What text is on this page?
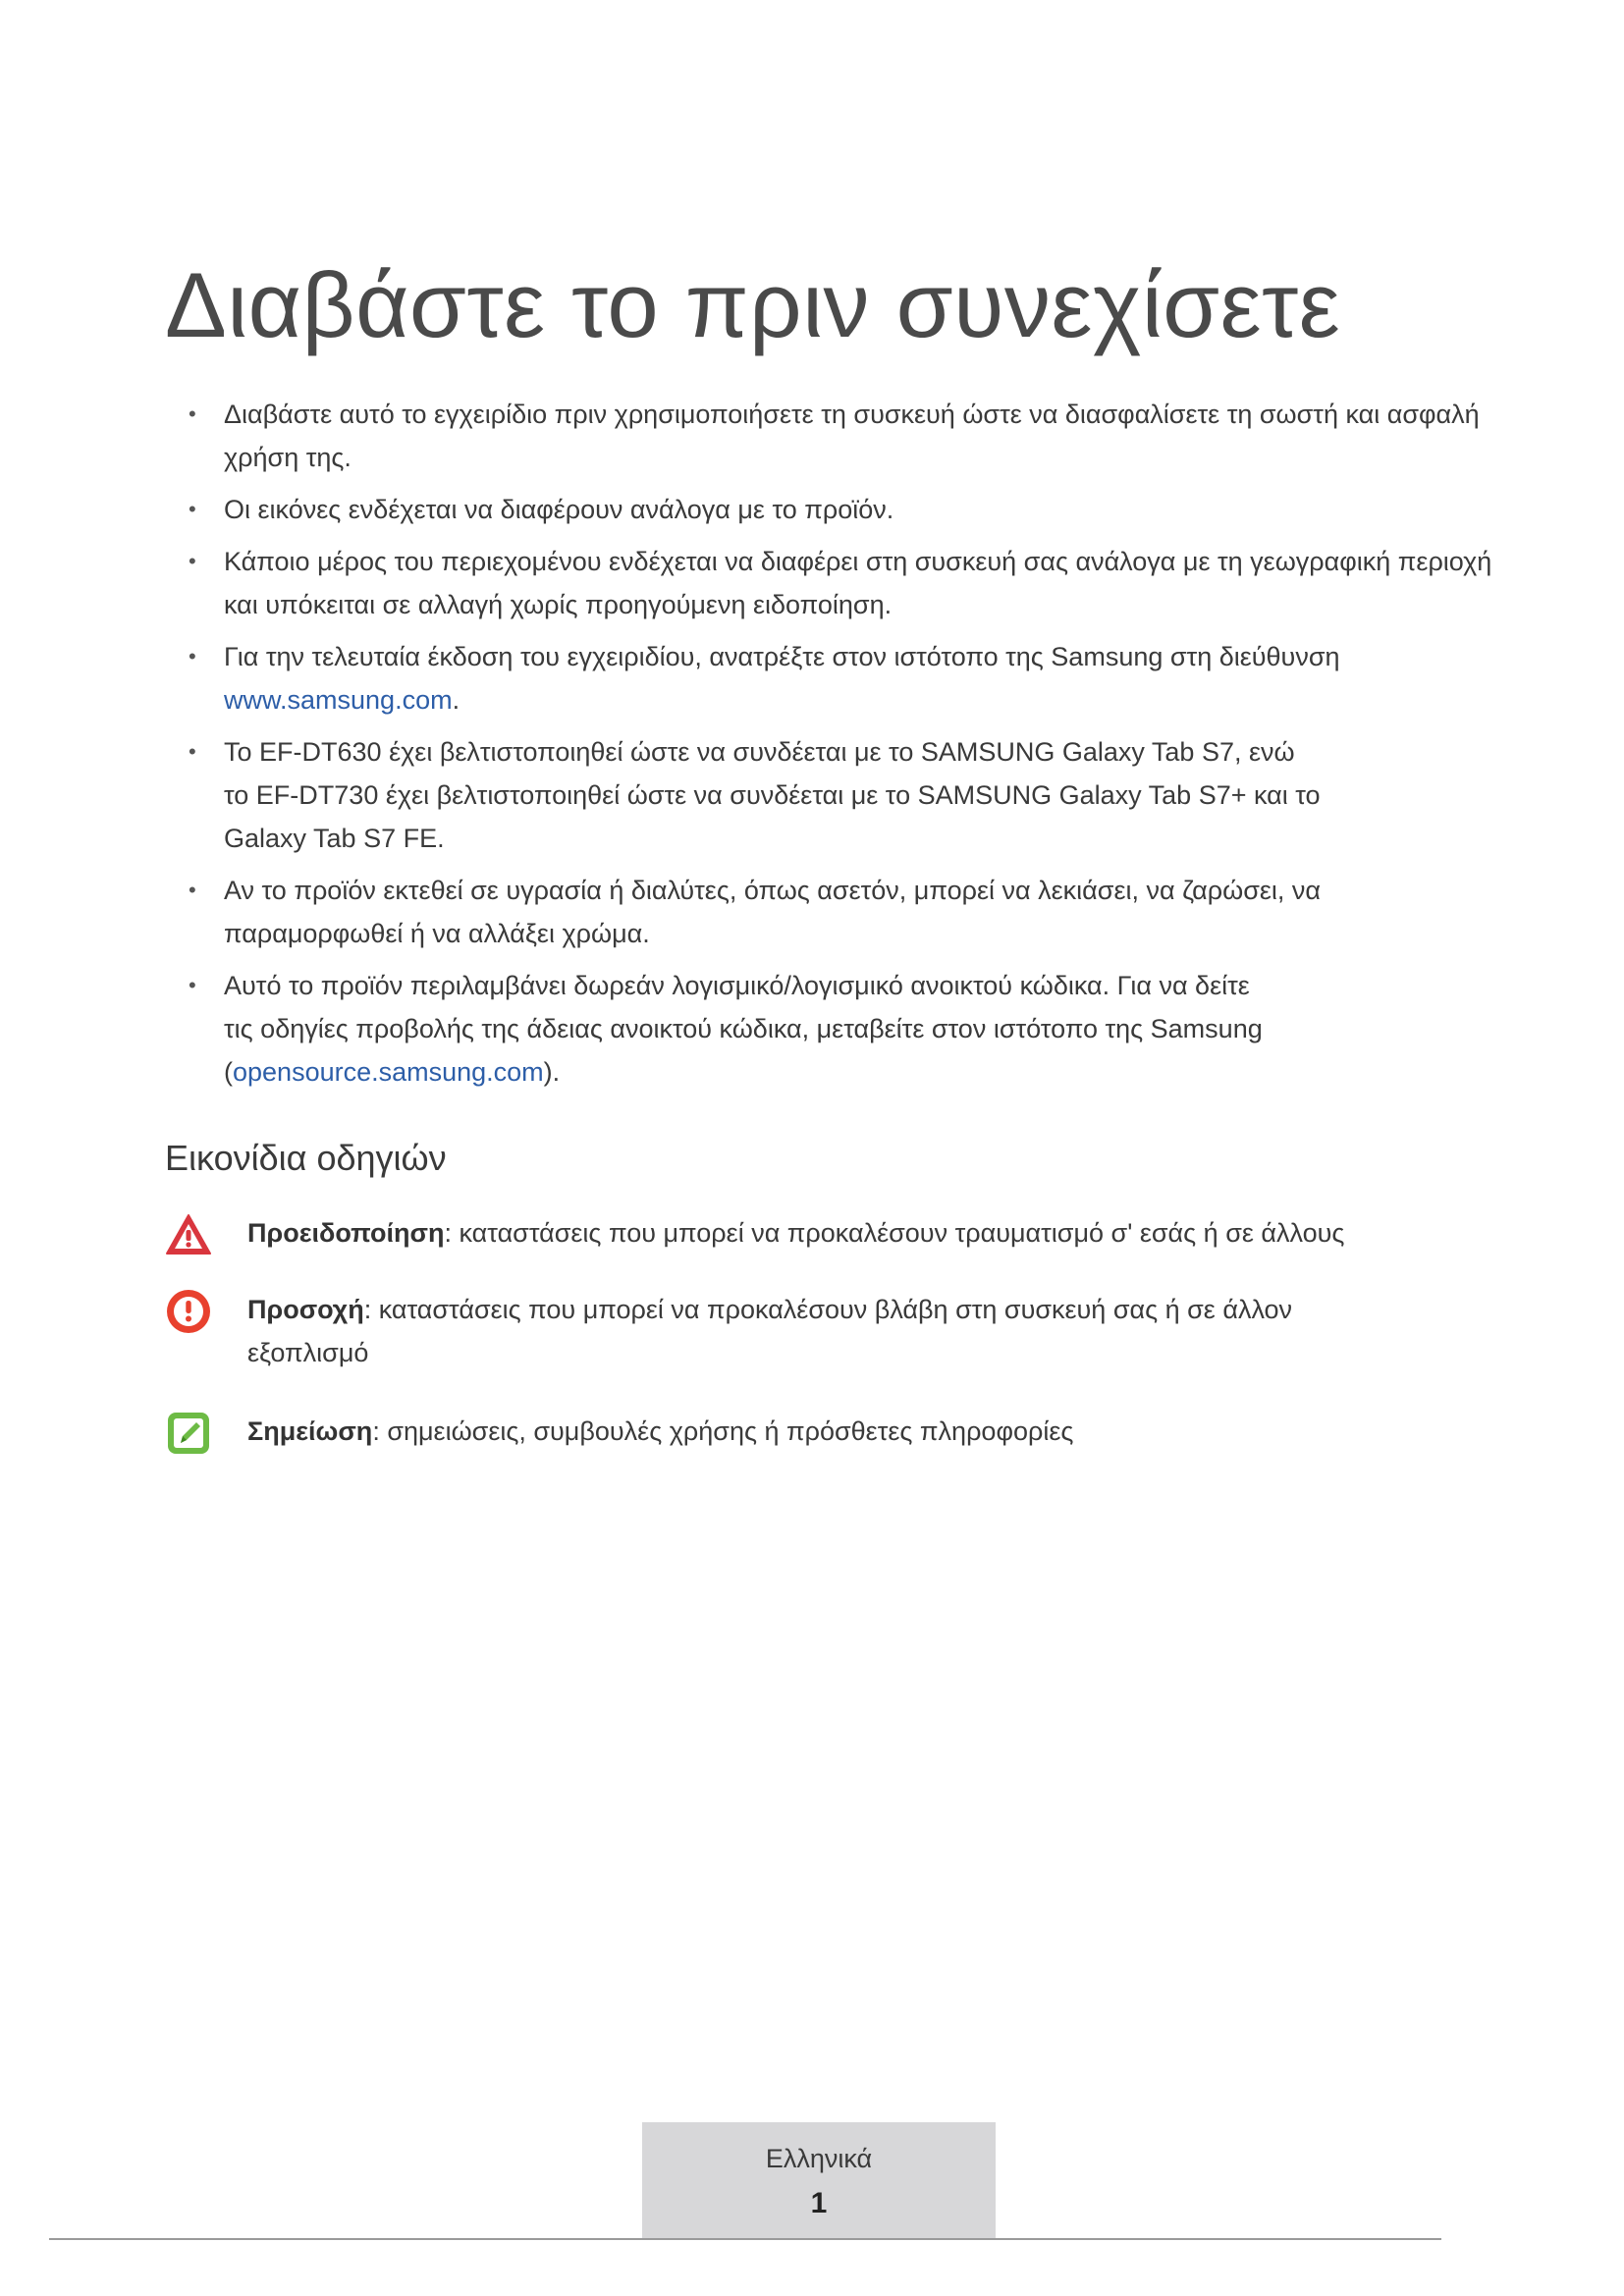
Διαβάστε το πριν συνεχίσετε
• Διαβάστε αυτό το εγχειρίδιο πριν χρησιμοποιήσετε τη συσκευή ώστε να διασφαλίσετε τη σωστή και ασφαλή χρήση της.
• Οι εικόνες ενδέχεται να διαφέρουν ανάλογα με το προϊόν.
• Κάποιο μέρος του περιεχομένου ενδέχεται να διαφέρει στη συσκευή σας ανάλογα με τη γεωγραφική περιοχή και υπόκειται σε αλλαγή χωρίς προηγούμενη ειδοποίηση.
• Για την τελευταία έκδοση του εγχειριδίου, ανατρέξτε στον ιστότοπο της Samsung στη διεύθυνση www.samsung.com.
• Το EF-DT630 έχει βελτιστοποιηθεί ώστε να συνδέεται με το SAMSUNG Galaxy Tab S7, ενώ
το EF-DT730 έχει βελτιστοποιηθεί ώστε να συνδέεται με το SAMSUNG Galaxy Tab S7+ και το
Galaxy Tab S7 FE.
• Αν το προϊόν εκτεθεί σε υγρασία ή διαλύτες, όπως ασετόν, μπορεί να λεκιάσει, να ζαρώσει, να παραμορφωθεί ή να αλλάξει χρώμα.
• Αυτό το προϊόν περιλαμβάνει δωρεάν λογισμικό/λογισμικό ανοικτού κώδικα. Για να δείτε
τις οδηγίες προβολής της άδειας ανοικτού κώδικα, μεταβείτε στον ιστότοπο της Samsung
(opensource.samsung.com).
Εικονίδια οδηγιών
Προειδοποίηση: καταστάσεις που μπορεί να προκαλέσουν τραυματισμό σ' εσάς ή σε άλλους
Προσοχή: καταστάσεις που μπορεί να προκαλέσουν βλάβη στη συσκευή σας ή σε άλλον
εξοπλισμό
Σημείωση: σημειώσεις, συμβουλές χρήσης ή πρόσθετες πληροφορίες
Ελληνικά
1
